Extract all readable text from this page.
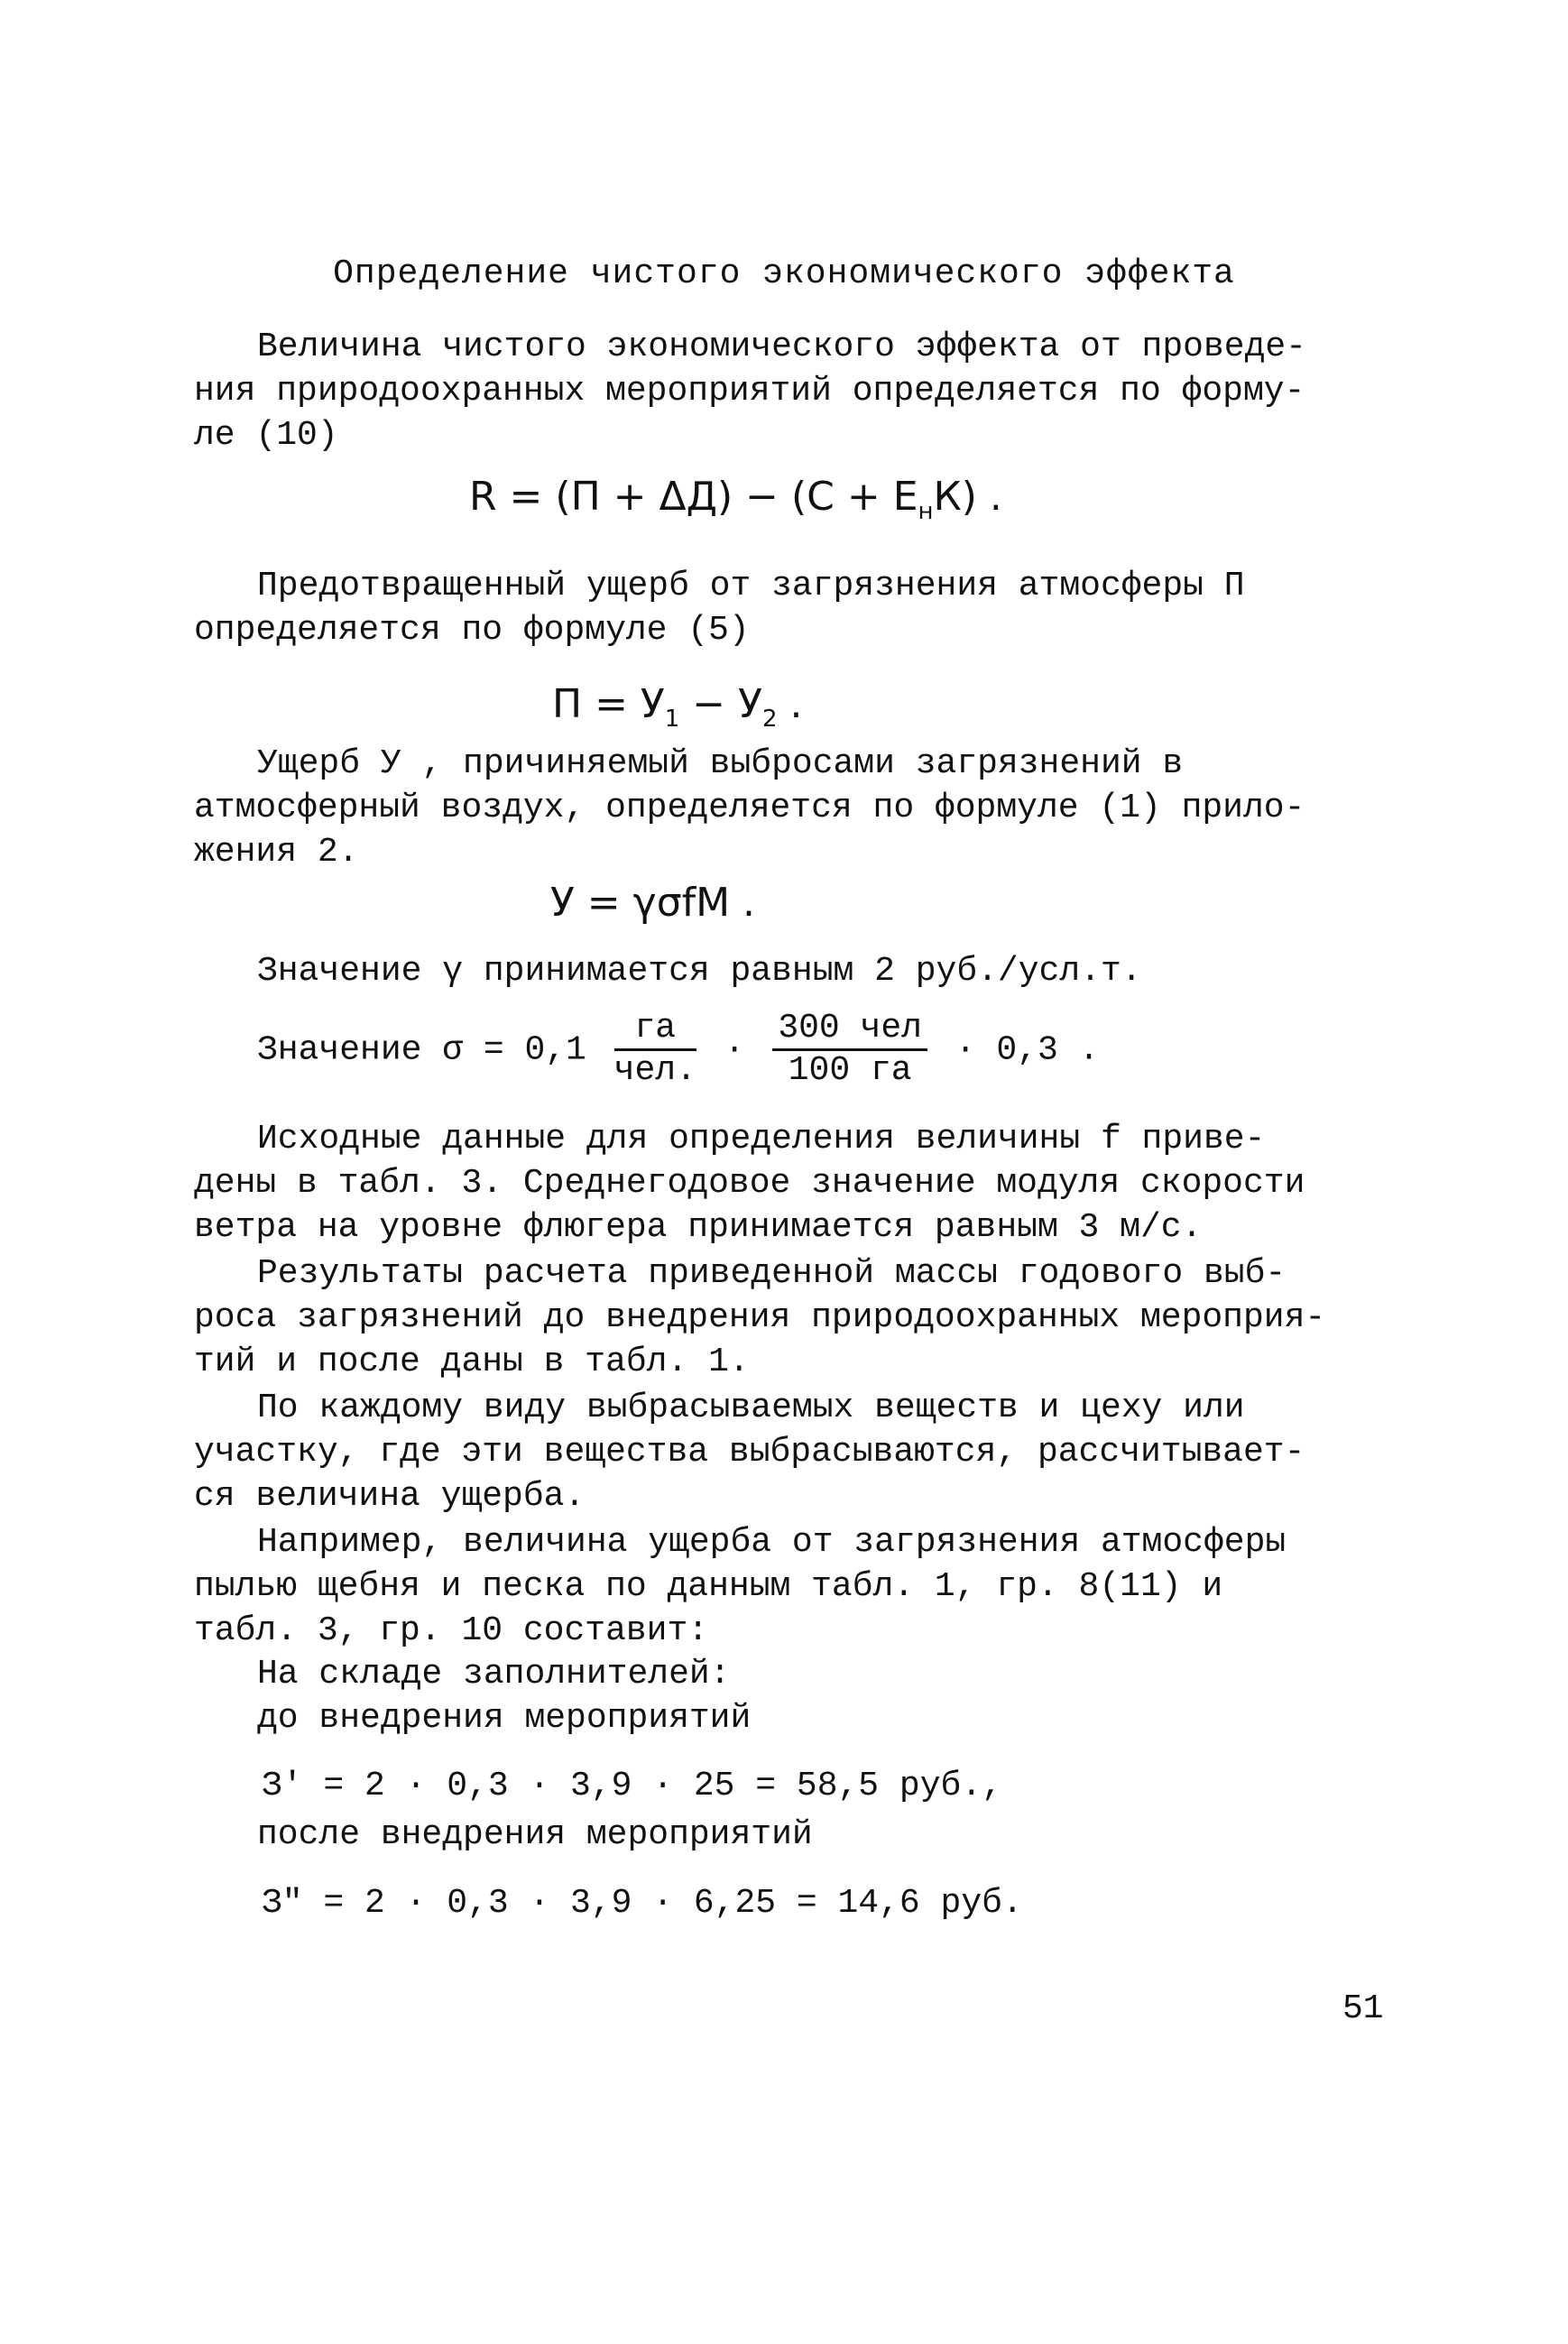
Определение чистого экономического эффекта

Величина чистого экономического эффекта от проведе-
ния природоохранных мероприятий определяется по форму-
ле (10)

$R = (П + \Delta Д) - (С + Е_нК)$ .

Предотвращенный ущерб от загрязнения атмосферы П
определяется по формуле (5)

$П = У_1 - У_2$ .

Ущерб У , причиняемый выбросами загрязнений в
атмосферный воздух, определяется по формуле (1) прило-
жения 2.

У = γσfM .
Значение γ принимается равным 2 руб./усл.т.
Значение $\sigma = 0,1 \frac{га}{\text{чел.}} \cdot \frac{\text{300 чел}}{100 га} \cdot 0,3$ .

Исходные данные для определения величины f приве-
дены в табл. 3. Среднегодовое значение модуля скорости
ветра на уровне флюгера принимается равным 3 м/с.

Результаты расчета приведенной массы годового выб-
роса загрязнений до внедрения природоохранных мероприя-
тий и после даны в табл. 1.

По каждому виду выбрасываемых веществ и цеху или
участку, где эти вещества выбрасываются, рассчитывает-
ся величина ущерба.

Например, величина ущерба от загрязнения атмосферы
пылью щебня и песка по данным табл. 1, гр. 8(11) и
табл. 3, гр. 10 составит:

На складе заполнителей:
до внедрения мероприятий
З' = 2 · 0,3 · 3,9 · 25 = 58,5 руб.,
после внедрения мероприятий
З" = 2 · 0,3 · 3,9 · 6,25 = 14,6 руб.
51
